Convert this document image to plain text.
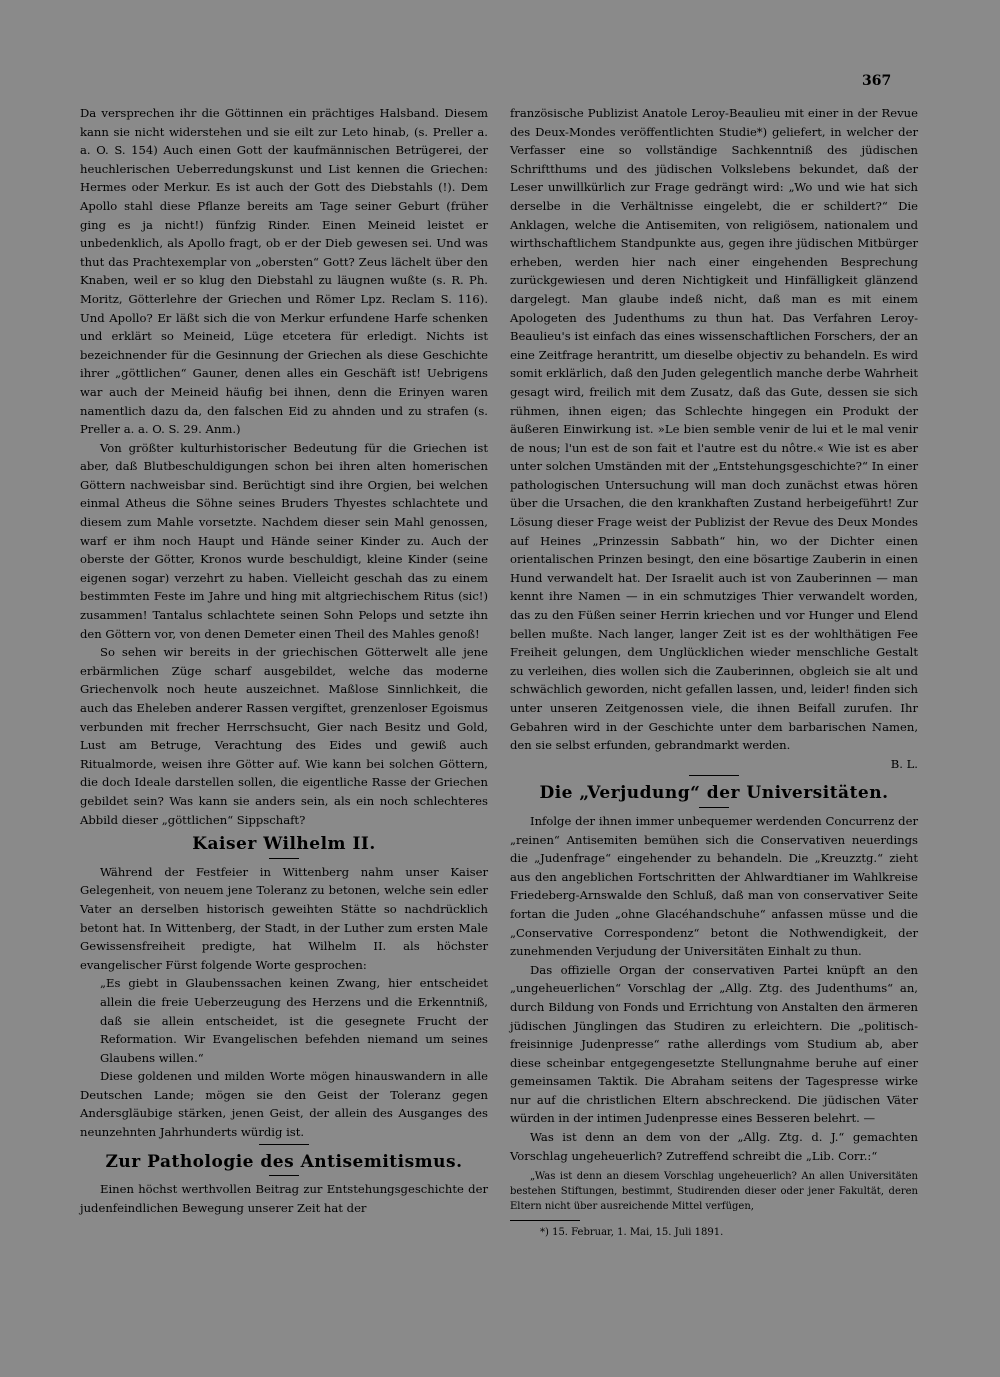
367

Da versprechen ihr die Göttinnen ein prächtiges Halsband. Diesem kann sie nicht widerstehen und sie eilt zur Leto hinab, (s. Preller a. a. O. S. 154) Auch einen Gott der kaufmännischen Betrügerei, der heuchlerischen Ueberredungskunst und List kennen die Griechen: Hermes oder Merkur. Es ist auch der Gott des Diebstahls (!). Dem Apollo stahl diese Pflanze bereits am Tage seiner Geburt (früher ging es ja nicht!) fünfzig Rinder. Einen Meineid leistet er unbedenklich, als Apollo fragt, ob er der Dieb gewesen sei. Und was thut das Prachtexemplar von „obersten“ Gott? Zeus lächelt über den Knaben, weil er so klug den Diebstahl zu läugnen wußte (s. R. Ph. Moritz, Götterlehre der Griechen und Römer Lpz. Reclam S. 116). Und Apollo? Er läßt sich die von Merkur erfundene Harfe schenken und erklärt so Meineid, Lüge etcetera für erledigt. Nichts ist bezeichnender für die Gesinnung der Griechen als diese Geschichte ihrer „göttlichen“ Gauner, denen alles ein Geschäft ist! Uebrigens war auch der Meineid häufig bei ihnen, denn die Erinyen waren namentlich dazu da, den falschen Eid zu ahnden und zu strafen (s. Preller a. a. O. S. 29. Anm.)

Von größter kulturhistorischer Bedeutung für die Griechen ist aber, daß Blutbeschuldigungen schon bei ihren alten homerischen Göttern nachweisbar sind. Berüchtigt sind ihre Orgien, bei welchen einmal Atheus die Söhne seines Bruders Thyestes schlachtete und diesem zum Mahle vorsetzte. Nachdem dieser sein Mahl genossen, warf er ihm noch Haupt und Hände seiner Kinder zu. Auch der oberste der Götter, Kronos wurde beschuldigt, kleine Kinder (seine eigenen sogar) verzehrt zu haben. Vielleicht geschah das zu einem bestimmten Feste im Jahre und hing mit altgriechischem Ritus (sic!) zusammen! Tantalus schlachtete seinen Sohn Pelops und setzte ihn den Göttern vor, von denen Demeter einen Theil des Mahles genoß!

So sehen wir bereits in der griechischen Götterwelt alle jene erbärmlichen Züge scharf ausgebildet, welche das moderne Griechenvolk noch heute auszeichnet. Maßlose Sinnlichkeit, die auch das Eheleben anderer Rassen vergiftet, grenzenloser Egoismus verbunden mit frecher Herrschsucht, Gier nach Besitz und Gold, Lust am Betruge, Verachtung des Eides und gewiß auch Ritualmorde, weisen ihre Götter auf. Wie kann bei solchen Göttern, die doch Ideale darstellen sollen, die eigentliche Rasse der Griechen gebildet sein? Was kann sie anders sein, als ein noch schlechteres Abbild dieser „göttlichen“ Sippschaft?

Kaiser Wilhelm II.

Während der Festfeier in Wittenberg nahm unser Kaiser Gelegenheit, von neuem jene Toleranz zu betonen, welche sein edler Vater an derselben historisch geweihten Stätte so nachdrücklich betont hat. In Wittenberg, der Stadt, in der Luther zum ersten Male Gewissensfreiheit predigte, hat Wilhelm II. als höchster evangelischer Fürst folgende Worte gesprochen:

„Es giebt in Glaubenssachen keinen Zwang, hier entscheidet allein die freie Ueberzeugung des Herzens und die Erkenntniß, daß sie allein entscheidet, ist die gesegnete Frucht der Reformation. Wir Evangelischen befehden niemand um seines Glaubens willen.“

Diese goldenen und milden Worte mögen hinauswandern in alle Deutschen Lande; mögen sie den Geist der Toleranz gegen Andersgläubige stärken, jenen Geist, der allein des Ausganges des neunzehnten Jahrhunderts würdig ist.

Zur Pathologie des Antisemitismus.

Einen höchst werthvollen Beitrag zur Entstehungsgeschichte der judenfeindlichen Bewegung unserer Zeit hat der

französische Publizist Anatole Leroy-Beaulieu mit einer in der Revue des Deux-Mondes veröffentlichten Studie*) geliefert, in welcher der Verfasser eine so vollständige Sachkenntniß des jüdischen Schriftthums und des jüdischen Volkslebens bekundet, daß der Leser unwillkürlich zur Frage gedrängt wird: „Wo und wie hat sich derselbe in die Verhältnisse eingelebt, die er schildert?“ Die Anklagen, welche die Antisemiten, von religiösem, nationalem und wirthschaftlichem Standpunkte aus, gegen ihre jüdischen Mitbürger erheben, werden hier nach einer eingehenden Besprechung zurückgewiesen und deren Nichtigkeit und Hinfälligkeit glänzend dargelegt. Man glaube indeß nicht, daß man es mit einem Apologeten des Judenthums zu thun hat. Das Verfahren Leroy-Beaulieu's ist einfach das eines wissenschaftlichen Forschers, der an eine Zeitfrage herantritt, um dieselbe objectiv zu behandeln. Es wird somit erklärlich, daß den Juden gelegentlich manche derbe Wahrheit gesagt wird, freilich mit dem Zusatz, daß das Gute, dessen sie sich rühmen, ihnen eigen; das Schlechte hingegen ein Produkt der äußeren Einwirkung ist. »Le bien semble venir de lui et le mal venir de nous; l'un est de son fait et l'autre est du nôtre.« Wie ist es aber unter solchen Umständen mit der „Entstehungsgeschichte?“ In einer pathologischen Untersuchung will man doch zunächst etwas hören über die Ursachen, die den krankhaften Zustand herbeigeführt! Zur Lösung dieser Frage weist der Publizist der Revue des Deux Mondes auf Heines „Prinzessin Sabbath“ hin, wo der Dichter einen orientalischen Prinzen besingt, den eine bösartige Zauberin in einen Hund verwandelt hat. Der Israelit auch ist von Zauberinnen — man kennt ihre Namen — in ein schmutziges Thier verwandelt worden, das zu den Füßen seiner Herrin kriechen und vor Hunger und Elend bellen mußte. Nach langer, langer Zeit ist es der wohlthätigen Fee Freiheit gelungen, dem Unglücklichen wieder menschliche Gestalt zu verleihen, dies wollen sich die Zauberinnen, obgleich sie alt und schwächlich geworden, nicht gefallen lassen, und, leider! finden sich unter unseren Zeitgenossen viele, die ihnen Beifall zurufen. Ihr Gebahren wird in der Geschichte unter dem barbarischen Namen, den sie selbst erfunden, gebrandmarkt werden.

B. L.
Die „Verjudung“ der Universitäten.

Infolge der ihnen immer unbequemer werdenden Concurrenz der „reinen“ Antisemiten bemühen sich die Conservativen neuerdings die „Judenfrage“ eingehender zu behandeln. Die „Kreuzztg.“ zieht aus den angeblichen Fortschritten der Ahlwardtianer im Wahlkreise Friedeberg-Arnswalde den Schluß, daß man von conservativer Seite fortan die Juden „ohne Glacéhandschuhe“ anfassen müsse und die „Conservative Correspondenz“ betont die Nothwendigkeit, der zunehmenden Verjudung der Universitäten Einhalt zu thun.

Das offizielle Organ der conservativen Partei knüpft an den „ungeheuerlichen“ Vorschlag der „Allg. Ztg. des Judenthums“ an, durch Bildung von Fonds und Errichtung von Anstalten den ärmeren jüdischen Jünglingen das Studiren zu erleichtern. Die „politisch-freisinnige Judenpresse“ rathe allerdings vom Studium ab, aber diese scheinbar entgegengesetzte Stellungnahme beruhe auf einer gemeinsamen Taktik. Die Abraham seitens der Tagespresse wirke nur auf die christlichen Eltern abschreckend. Die jüdischen Väter würden in der intimen Judenpresse eines Besseren belehrt. —

Was ist denn an dem von der „Allg. Ztg. d. J.“ gemachten Vorschlag ungeheuerlich? Zutreffend schreibt die „Lib. Corr.:“

„Was ist denn an diesem Vorschlag ungeheuerlich? An allen Universitäten bestehen Stiftungen, bestimmt, Studirenden dieser oder jener Fakultät, deren Eltern nicht über ausreichende Mittel verfügen,

*) 15. Februar, 1. Mai, 15. Juli 1891.
